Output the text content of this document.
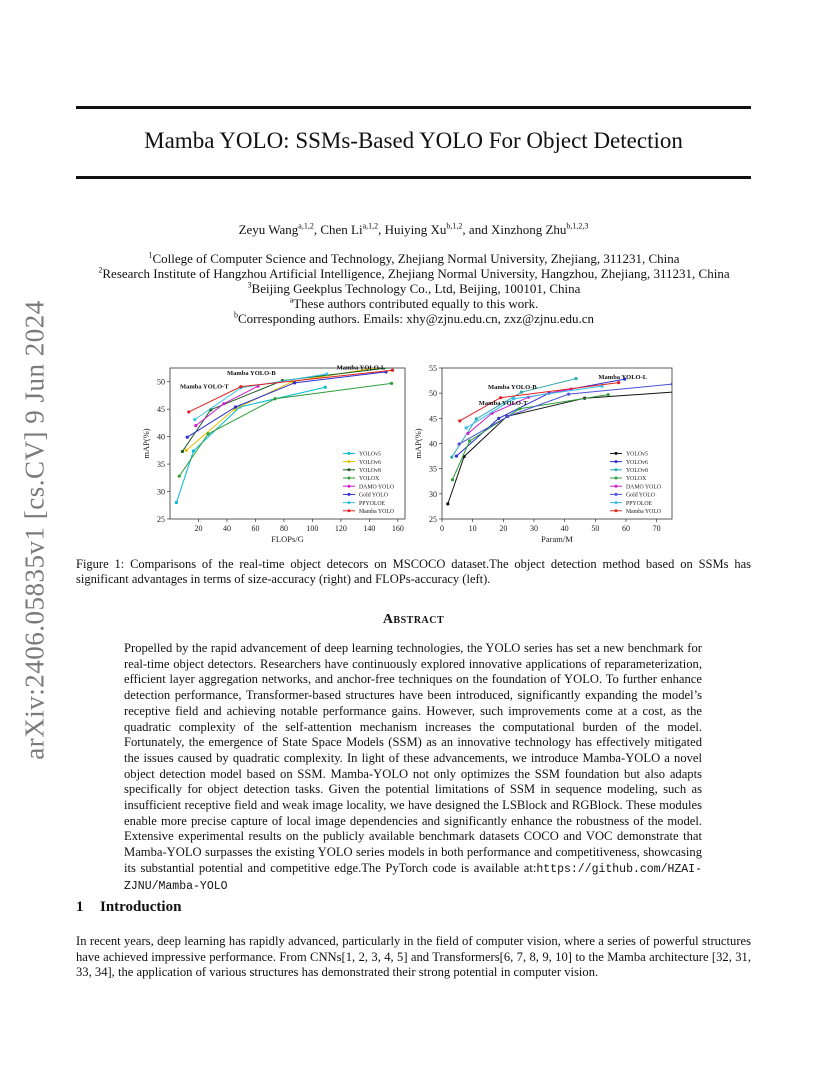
arXiv:2406.05835v1 [cs.CV] 9 Jun 2024
Mamba YOLO: SSMs-Based YOLO For Object Detection
Zeyu Wang$^{a,1,2}$, Chen Li$^{a,1,2}$, Huiying Xu$^{b,1,2}$, and Xinzhong Zhu$^{b,1,2,3}$
$^1$College of Computer Science and Technology, Zhejiang Normal University, Zhejiang, 311231, China
$^2$Research Institute of Hangzhou Artificial Intelligence, Zhejiang Normal University, Hangzhou, Zhejiang, 311231, China
$^3$Beijing Geekplus Technology Co., Ltd, Beijing, 100101, China
$^a$These authors contributed equally to this work.
$^b$Corresponding authors. Emails: xhy@zjnu.edu.cn, zxz@zjnu.edu.cn
20	40	60	80 100 120 140 160
25
30
35
40
45
50
FLOPs/G
mAP(%)
Mamba YOLO-T
Mamba YOLO-B
Mamba YOLO-L
YOLOv5
YOLOv6
YOLOv8
YOLOX
DAMO YOLO
Gold YOLO
PPYOLOE
Mamba YOLO
0	10	20	30	40	50	60	70
25
30
35
40
45
50
55
Param/M
mAP(%)
Mamba YOLO-T
Mamba YOLO-B
Mamba YOLO-L
YOLOv5
YOLOv6
YOLOv8
YOLOX
DAMO YOLO
Gold YOLO
PPYOLOE
Mamba YOLO
Figure 1: Comparisons of the real-time object detecors on MSCOCO dataset.The object detection method based on SSMs has significant advantages in terms of size-accuracy (right) and FLOPs-accuracy (left).
Abstract
Propelled by the rapid advancement of deep learning technologies, the YOLO series has set a new benchmark for real-time object detectors. Researchers have continuously explored innovative applications of reparameterization, efficient layer aggregation networks, and anchor-free techniques on the foundation of YOLO. To further enhance detection performance, Transformer-based structures have been introduced, significantly expanding the model’s receptive field and achieving notable performance gains. However, such improvements come at a cost, as the quadratic complexity of the self-attention mechanism increases the computational burden of the model. Fortunately, the emergence of State Space Models (SSM) as an innovative technology has effectively mitigated the issues caused by quadratic complexity. In light of these advancements, we introduce Mamba-YOLO a novel object detection model based on SSM. Mamba-YOLO not only optimizes the SSM foundation but also adapts specifically for object detection tasks. Given the potential limitations of SSM in sequence modeling, such as insufficient receptive field and weak image locality, we have designed the LSBlock and RGBlock. These modules enable more precise capture of local image dependencies and significantly enhance the robustness of the model. Extensive experimental results on the publicly available benchmark datasets COCO and VOC demonstrate that Mamba-YOLO surpasses the existing YOLO series models in both performance and competitiveness, showcasing its substantial potential and competitive edge.The PyTorch code is available at:https://github.com/HZAI-ZJNU/Mamba-YOLO
1 Introduction
In recent years, deep learning has rapidly advanced, particularly in the field of computer vision, where a series of powerful structures have achieved impressive performance. From CNNs[1, 2, 3, 4, 5] and Transformers[6, 7, 8, 9, 10] to the Mamba architecture [32, 31, 33, 34], the application of various structures has demonstrated their strong potential in computer vision.
